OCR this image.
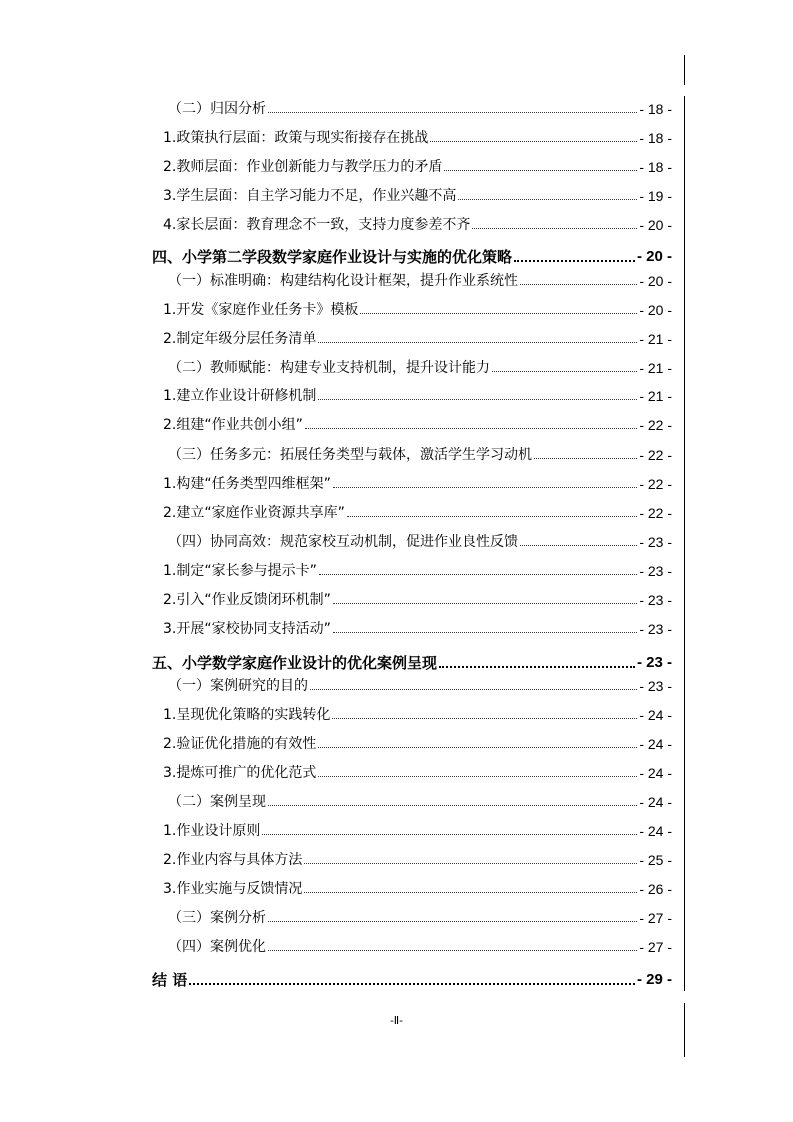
（二）归因分析	- 18 -
1.政策执行层面：政策与现实衔接存在挑战	- 18 -
2.教师层面：作业创新能力与教学压力的矛盾	- 18 -
3.学生层面：自主学习能力不足，作业兴趣不高	- 19 -
4.家长层面：教育理念不一致，支持力度参差不齐	- 20 -
四、小学第二学段数学家庭作业设计与实施的优化策略	- 20 -
（一）标准明确：构建结构化设计框架，提升作业系统性	- 20 -
1.开发《家庭作业任务卡》模板	- 20 -
2.制定年级分层任务清单	- 21 -
（二）教师赋能：构建专业支持机制，提升设计能力	- 21 -
1.建立作业设计研修机制	- 21 -
2.组建“作业共创小组”	- 22 -
（三）任务多元：拓展任务类型与载体，激活学生学习动机	- 22 -
1.构建“任务类型四维框架”	- 22 -
2.建立“家庭作业资源共享库”	- 22 -
（四）协同高效：规范家校互动机制，促进作业良性反馈	- 23 -
1.制定“家长参与提示卡”	- 23 -
2.引入“作业反馈闭环机制”	- 23 -
3.开展“家校协同支持活动”	- 23 -
五、小学数学家庭作业设计的优化案例呈现	- 23 -
（一）案例研究的目的	- 23 -
1.呈现优化策略的实践转化	- 24 -
2.验证优化措施的有效性	- 24 -
3.提炼可推广的优化范式	- 24 -
（二）案例呈现	- 24 -
1.作业设计原则	- 24 -
2.作业内容与具体方法	- 25 -
3.作业实施与反馈情况	- 26 -
（三）案例分析	- 27 -
（四）案例优化	- 27 -
结 语	- 29 -
-Ⅱ-
